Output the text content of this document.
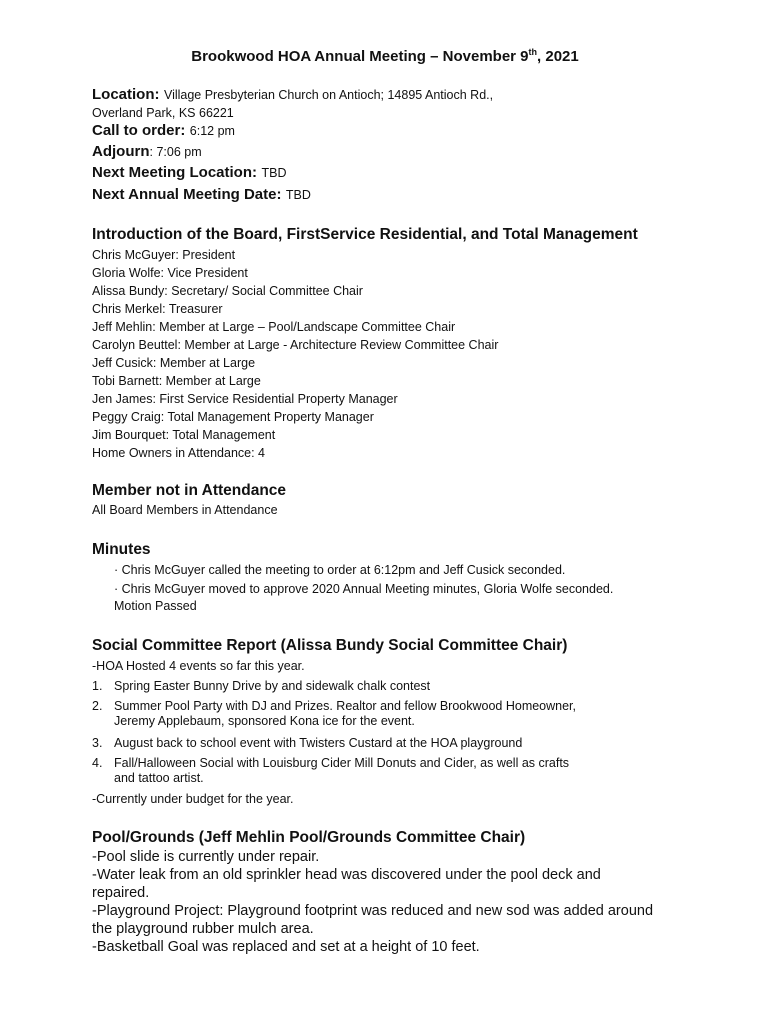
Brookwood HOA Annual Meeting – November 9th, 2021
Location: Village Presbyterian Church on Antioch; 14895 Antioch Rd.,
Overland Park, KS 66221
Call to order: 6:12 pm
Adjourn: 7:06 pm
Next Meeting Location: TBD
Next Annual Meeting Date: TBD
Introduction of the Board, FirstService Residential, and Total Management
Chris McGuyer: President
Gloria Wolfe: Vice President
Alissa Bundy: Secretary/ Social Committee Chair
Chris Merkel: Treasurer
Jeff Mehlin: Member at Large – Pool/Landscape Committee Chair
Carolyn Beuttel: Member at Large - Architecture Review Committee Chair
Jeff Cusick: Member at Large
Tobi Barnett: Member at Large
Jen James: First Service Residential Property Manager
Peggy Craig: Total Management Property Manager
Jim Bourquet: Total Management
Home Owners in Attendance: 4
Member not in Attendance
All Board Members in Attendance
Minutes
· Chris McGuyer called the meeting to order at 6:12pm and Jeff Cusick seconded.
· Chris McGuyer moved to approve 2020 Annual Meeting minutes, Gloria Wolfe seconded.
Motion Passed
Social Committee Report (Alissa Bundy Social Committee Chair)
-HOA Hosted 4 events so far this year.
1. Spring Easter Bunny Drive by and sidewalk chalk contest
2. Summer Pool Party with DJ and Prizes. Realtor and fellow Brookwood Homeowner,
Jeremy Applebaum, sponsored Kona ice for the event.
3. August back to school event with Twisters Custard at the HOA playground
4. Fall/Halloween Social with Louisburg Cider Mill Donuts and Cider, as well as crafts
and tattoo artist.
-Currently under budget for the year.
Pool/Grounds (Jeff Mehlin Pool/Grounds Committee Chair)
-Pool slide is currently under repair.
-Water leak from an old sprinkler head was discovered under the pool deck and
repaired.
-Playground Project: Playground footprint was reduced and new sod was added around
the playground rubber mulch area.
-Basketball Goal was replaced and set at a height of 10 feet.
